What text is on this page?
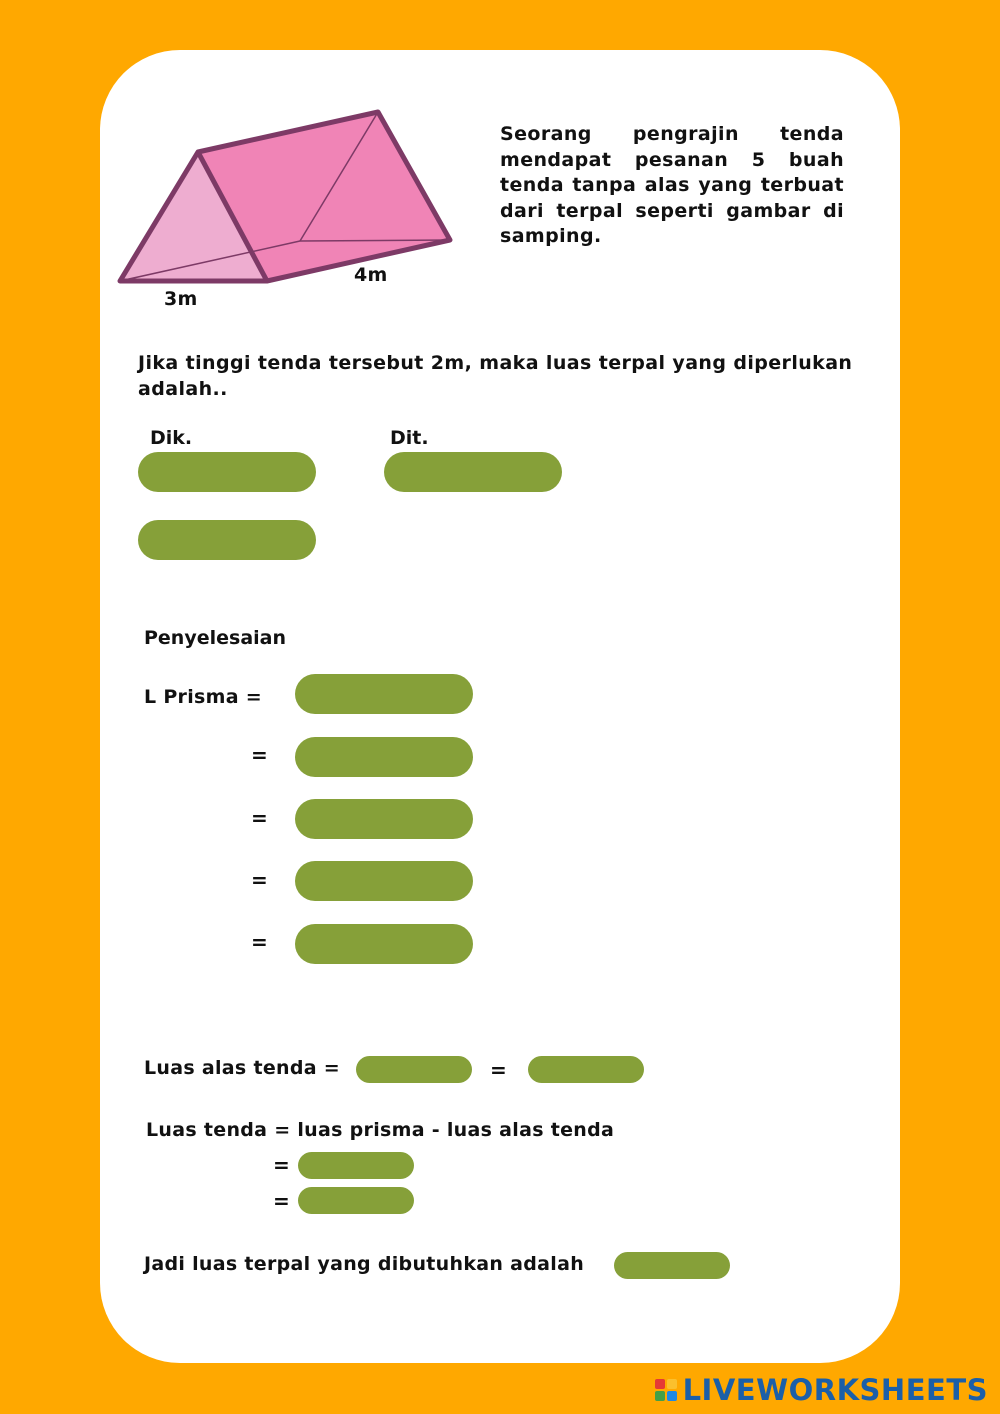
3m
4m
Seorang pengrajin tenda mendapat pesanan 5 buah tenda tanpa alas yang terbuat dari terpal seperti gambar di samping.
Jika tinggi tenda tersebut 2m, maka luas terpal yang diperlukan adalah..
Dik.	Dit.
Penyelesaian
L Prisma =
=
=
=
=
Luas alas tenda =	=
Luas tenda = luas prisma - luas alas tenda
=
=
Jadi luas terpal yang dibutuhkan adalah
LIVEWORKSHEETS
